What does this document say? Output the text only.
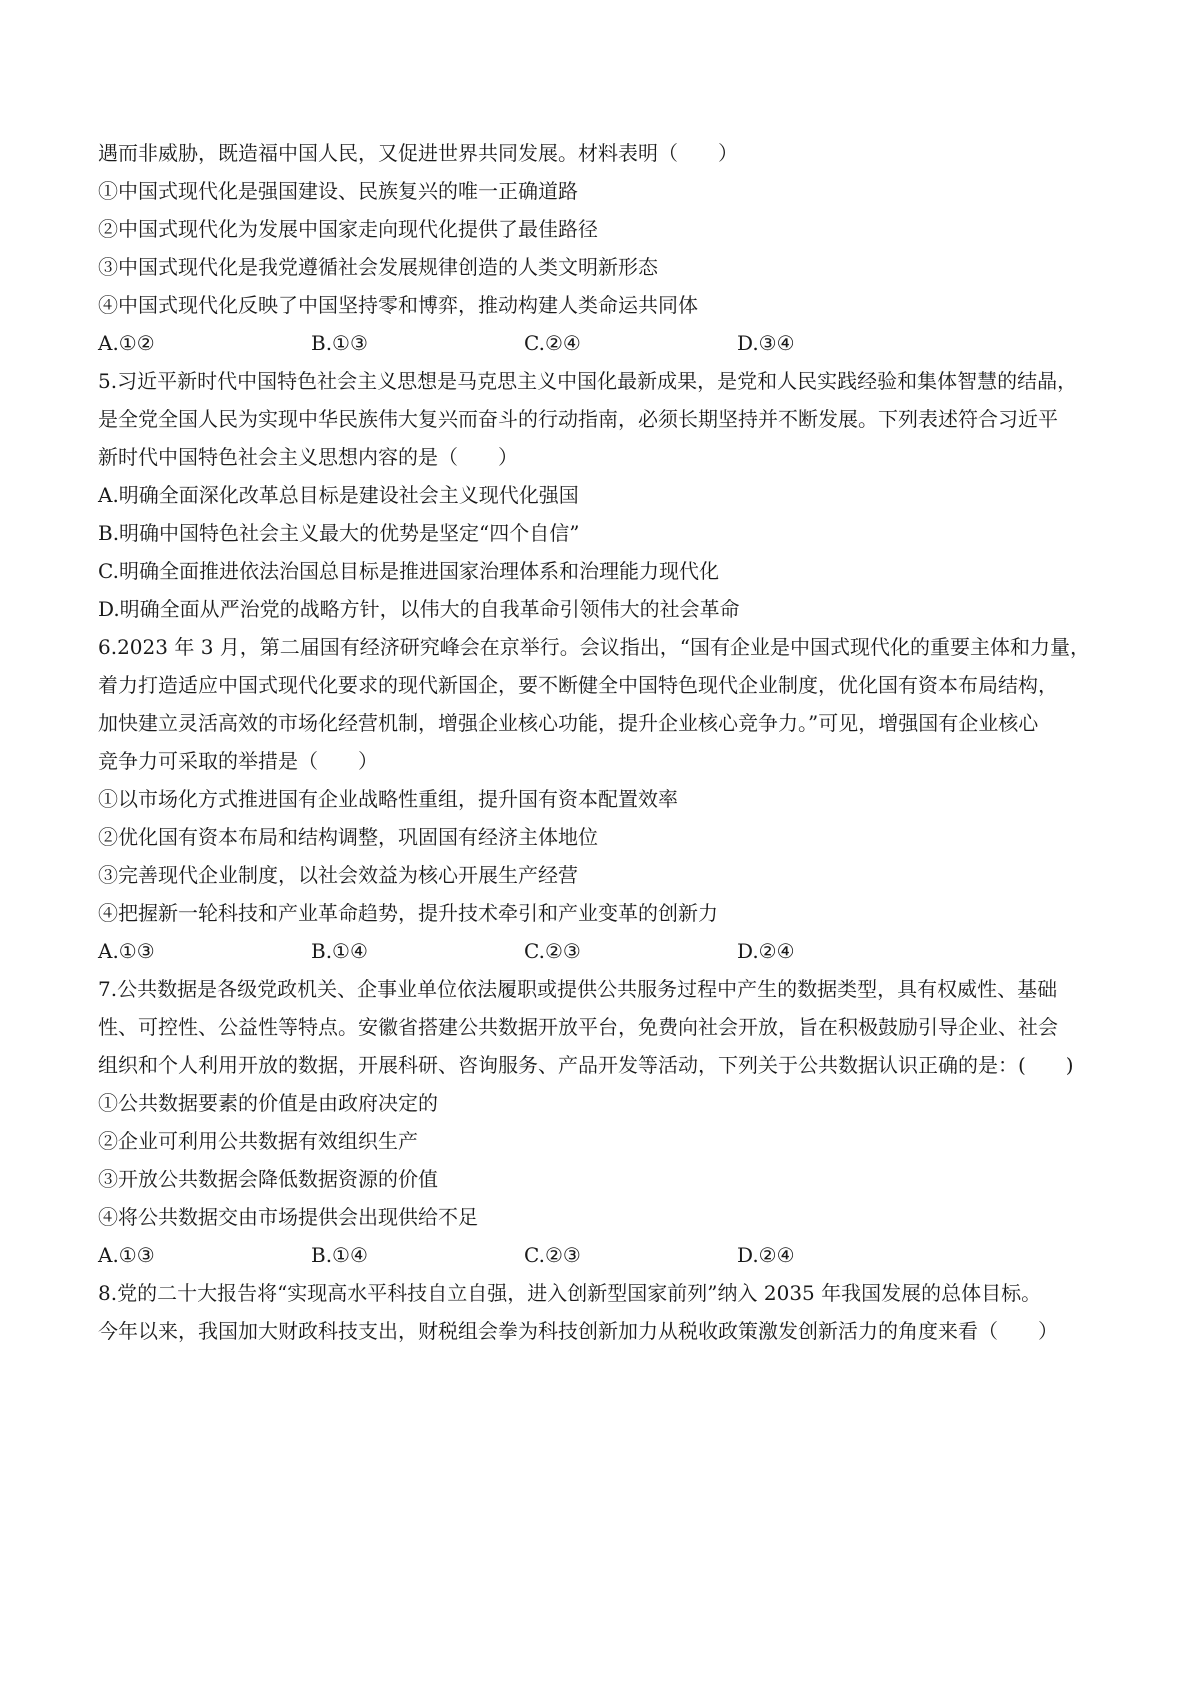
遇而非威胁，既造福中国人民，又促进世界共同发展。材料表明（　　）
①中国式现代化是强国建设、民族复兴的唯一正确道路
②中国式现代化为发展中国家走向现代化提供了最佳路径
③中国式现代化是我党遵循社会发展规律创造的人类文明新形态
④中国式现代化反映了中国坚持零和博弈，推动构建人类命运共同体
A.①②	B.①③	C.②④	D.③④
5.习近平新时代中国特色社会主义思想是马克思主义中国化最新成果，是党和人民实践经验和集体智慧的结晶，
是全党全国人民为实现中华民族伟大复兴而奋斗的行动指南，必须长期坚持并不断发展。下列表述符合习近平
新时代中国特色社会主义思想内容的是（　　）
A.明确全面深化改革总目标是建设社会主义现代化强国
B.明确中国特色社会主义最大的优势是坚定“四个自信”
C.明确全面推进依法治国总目标是推进国家治理体系和治理能力现代化
D.明确全面从严治党的战略方针，以伟大的自我革命引领伟大的社会革命
6.2023 年 3 月，第二届国有经济研究峰会在京举行。会议指出，“国有企业是中国式现代化的重要主体和力量，
着力打造适应中国式现代化要求的现代新国企，要不断健全中国特色现代企业制度，优化国有资本布局结构，
加快建立灵活高效的市场化经营机制，增强企业核心功能，提升企业核心竞争力。”可见，增强国有企业核心
竞争力可采取的举措是（　　）
①以市场化方式推进国有企业战略性重组，提升国有资本配置效率
②优化国有资本布局和结构调整，巩固国有经济主体地位
③完善现代企业制度，以社会效益为核心开展生产经营
④把握新一轮科技和产业革命趋势，提升技术牵引和产业变革的创新力
A.①③	B.①④	C.②③	D.②④
7.公共数据是各级党政机关、企事业单位依法履职或提供公共服务过程中产生的数据类型，具有权威性、基础
性、可控性、公益性等特点。安徽省搭建公共数据开放平台，免费向社会开放，旨在积极鼓励引导企业、社会
组织和个人利用开放的数据，开展科研、咨询服务、产品开发等活动，下列关于公共数据认识正确的是：(　　)
①公共数据要素的价值是由政府决定的
②企业可利用公共数据有效组织生产
③开放公共数据会降低数据资源的价值
④将公共数据交由市场提供会出现供给不足
A.①③	B.①④	C.②③	D.②④
8.党的二十大报告将“实现高水平科技自立自强，进入创新型国家前列”纳入 2035 年我国发展的总体目标。
今年以来，我国加大财政科技支出，财税组会拳为科技创新加力从税收政策激发创新活力的角度来看（　　）
